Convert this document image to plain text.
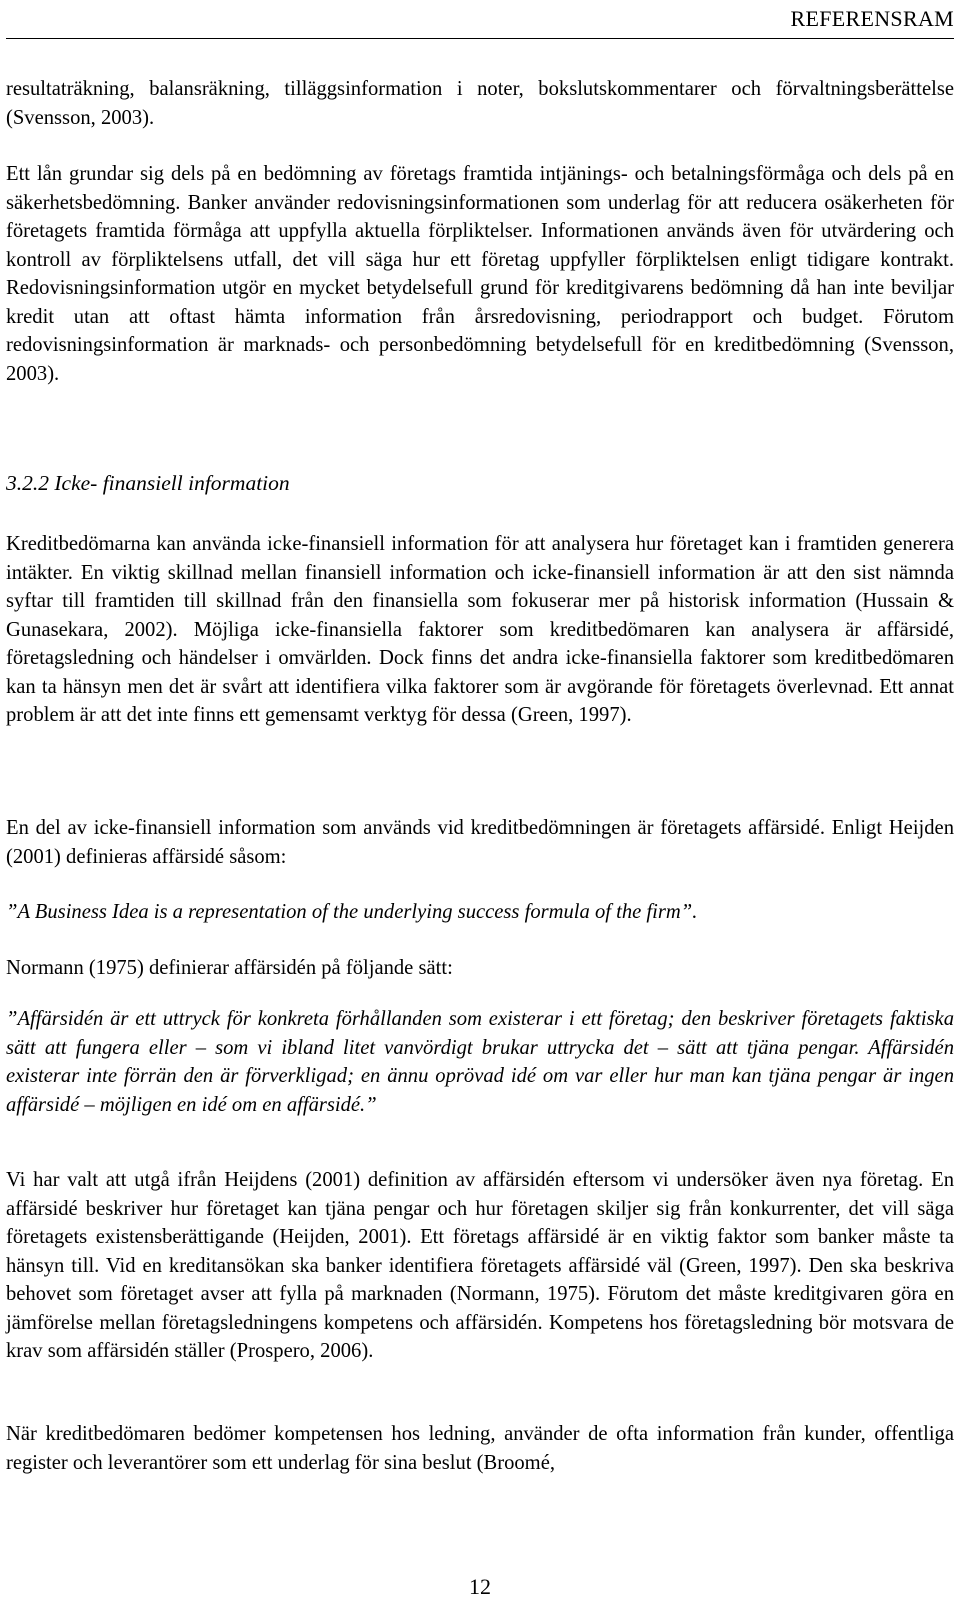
REFERENSRAM

resultaträkning, balansräkning, tilläggsinformation i noter, bokslutskommentarer och förvaltningsberättelse (Svensson, 2003).

Ett lån grundar sig dels på en bedömning av företags framtida intjänings- och betalningsförmåga och dels på en säkerhetsbedömning. Banker använder redovisningsinformationen som underlag för att reducera osäkerheten för företagets framtida förmåga att uppfylla aktuella förpliktelser. Informationen används även för utvärdering och kontroll av förpliktelsens utfall, det vill säga hur ett företag uppfyller förpliktelsen enligt tidigare kontrakt. Redovisningsinformation utgör en mycket betydelsefull grund för kreditgivarens bedömning då han inte beviljar kredit utan att oftast hämta information från årsredovisning, periodrapport och budget. Förutom redovisningsinformation är marknads- och personbedömning betydelsefull för en kreditbedömning (Svensson, 2003).

3.2.2 Icke- finansiell information

Kreditbedömarna kan använda icke-finansiell information för att analysera hur företaget kan i framtiden generera intäkter. En viktig skillnad mellan finansiell information och icke-finansiell information är att den sist nämnda syftar till framtiden till skillnad från den finansiella som fokuserar mer på historisk information (Hussain & Gunasekara, 2002). Möjliga icke-finansiella faktorer som kreditbedömaren kan analysera är affärsidé, företagsledning och händelser i omvärlden. Dock finns det andra icke-finansiella faktorer som kreditbedömaren kan ta hänsyn men det är svårt att identifiera vilka faktorer som är avgörande för företagets överlevnad. Ett annat problem är att det inte finns ett gemensamt verktyg för dessa (Green, 1997).

En del av icke-finansiell information som används vid kreditbedömningen är företagets affärsidé. Enligt Heijden (2001) definieras affärsidé såsom:

”A Business Idea is a representation of the underlying success formula of the firm”.

Normann (1975) definierar affärsidén på följande sätt:

”Affärsidén är ett uttryck för konkreta förhållanden som existerar i ett företag; den beskriver företagets faktiska sätt att fungera eller – som vi ibland litet vanvördigt brukar uttrycka det – sätt att tjäna pengar. Affärsidén existerar inte förrän den är förverkligad; en ännu oprövad idé om var eller hur man kan tjäna pengar är ingen affärsidé – möjligen en idé om en affärsidé.”

Vi har valt att utgå ifrån Heijdens (2001) definition av affärsidén eftersom vi undersöker även nya företag. En affärsidé beskriver hur företaget kan tjäna pengar och hur företagen skiljer sig från konkurrenter, det vill säga företagets existensberättigande (Heijden, 2001). Ett företags affärsidé är en viktig faktor som banker måste ta hänsyn till. Vid en kreditansökan ska banker identifiera företagets affärsidé väl (Green, 1997). Den ska beskriva behovet som företaget avser att fylla på marknaden (Normann, 1975). Förutom det måste kreditgivaren göra en jämförelse mellan företagsledningens kompetens och affärsidén. Kompetens hos företagsledning bör motsvara de krav som affärsidén ställer (Prospero, 2006).

När kreditbedömaren bedömer kompetensen hos ledning, använder de ofta information från kunder, offentliga register och leverantörer som ett underlag för sina beslut (Broomé,

12
